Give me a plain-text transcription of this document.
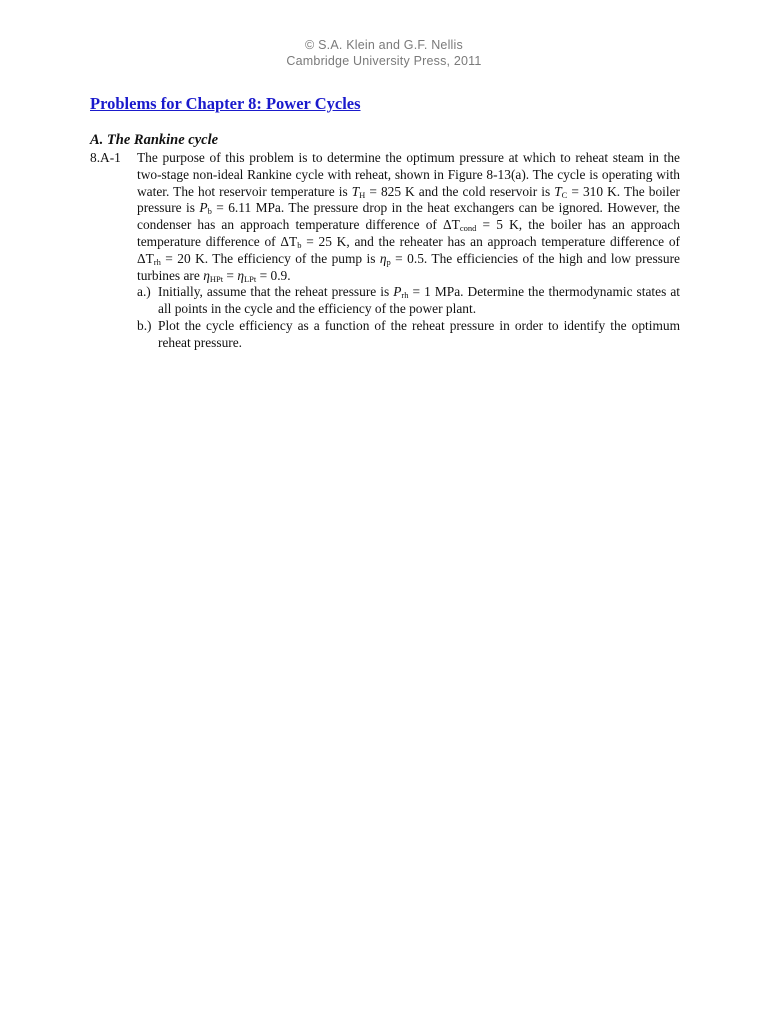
© S.A. Klein and G.F. Nellis
Cambridge University Press, 2011
Problems for Chapter 8: Power Cycles
A. The Rankine cycle
8.A-1 The purpose of this problem is to determine the optimum pressure at which to reheat steam in the two-stage non-ideal Rankine cycle with reheat, shown in Figure 8-13(a). The cycle is operating with water. The hot reservoir temperature is $T_H = 825$ K and the cold reservoir is $T_C = 310$ K. The boiler pressure is $P_b = 6.11$ MPa. The pressure drop in the heat exchangers can be ignored. However, the condenser has an approach temperature difference of $\Delta T_{cond} = 5$ K, the boiler has an approach temperature difference of $\Delta T_b = 25$ K, and the reheater has an approach temperature difference of $\Delta T_{rh} = 20$ K. The efficiency of the pump is $\eta_p = 0.5$. The efficiencies of the high and low pressure turbines are $\eta_{HPt} = \eta_{LPt} = 0.9$.
a.) Initially, assume that the reheat pressure is $P_{rh} = 1$ MPa. Determine the thermodynamic states at all points in the cycle and the efficiency of the power plant.
b.) Plot the cycle efficiency as a function of the reheat pressure in order to identify the optimum reheat pressure.
